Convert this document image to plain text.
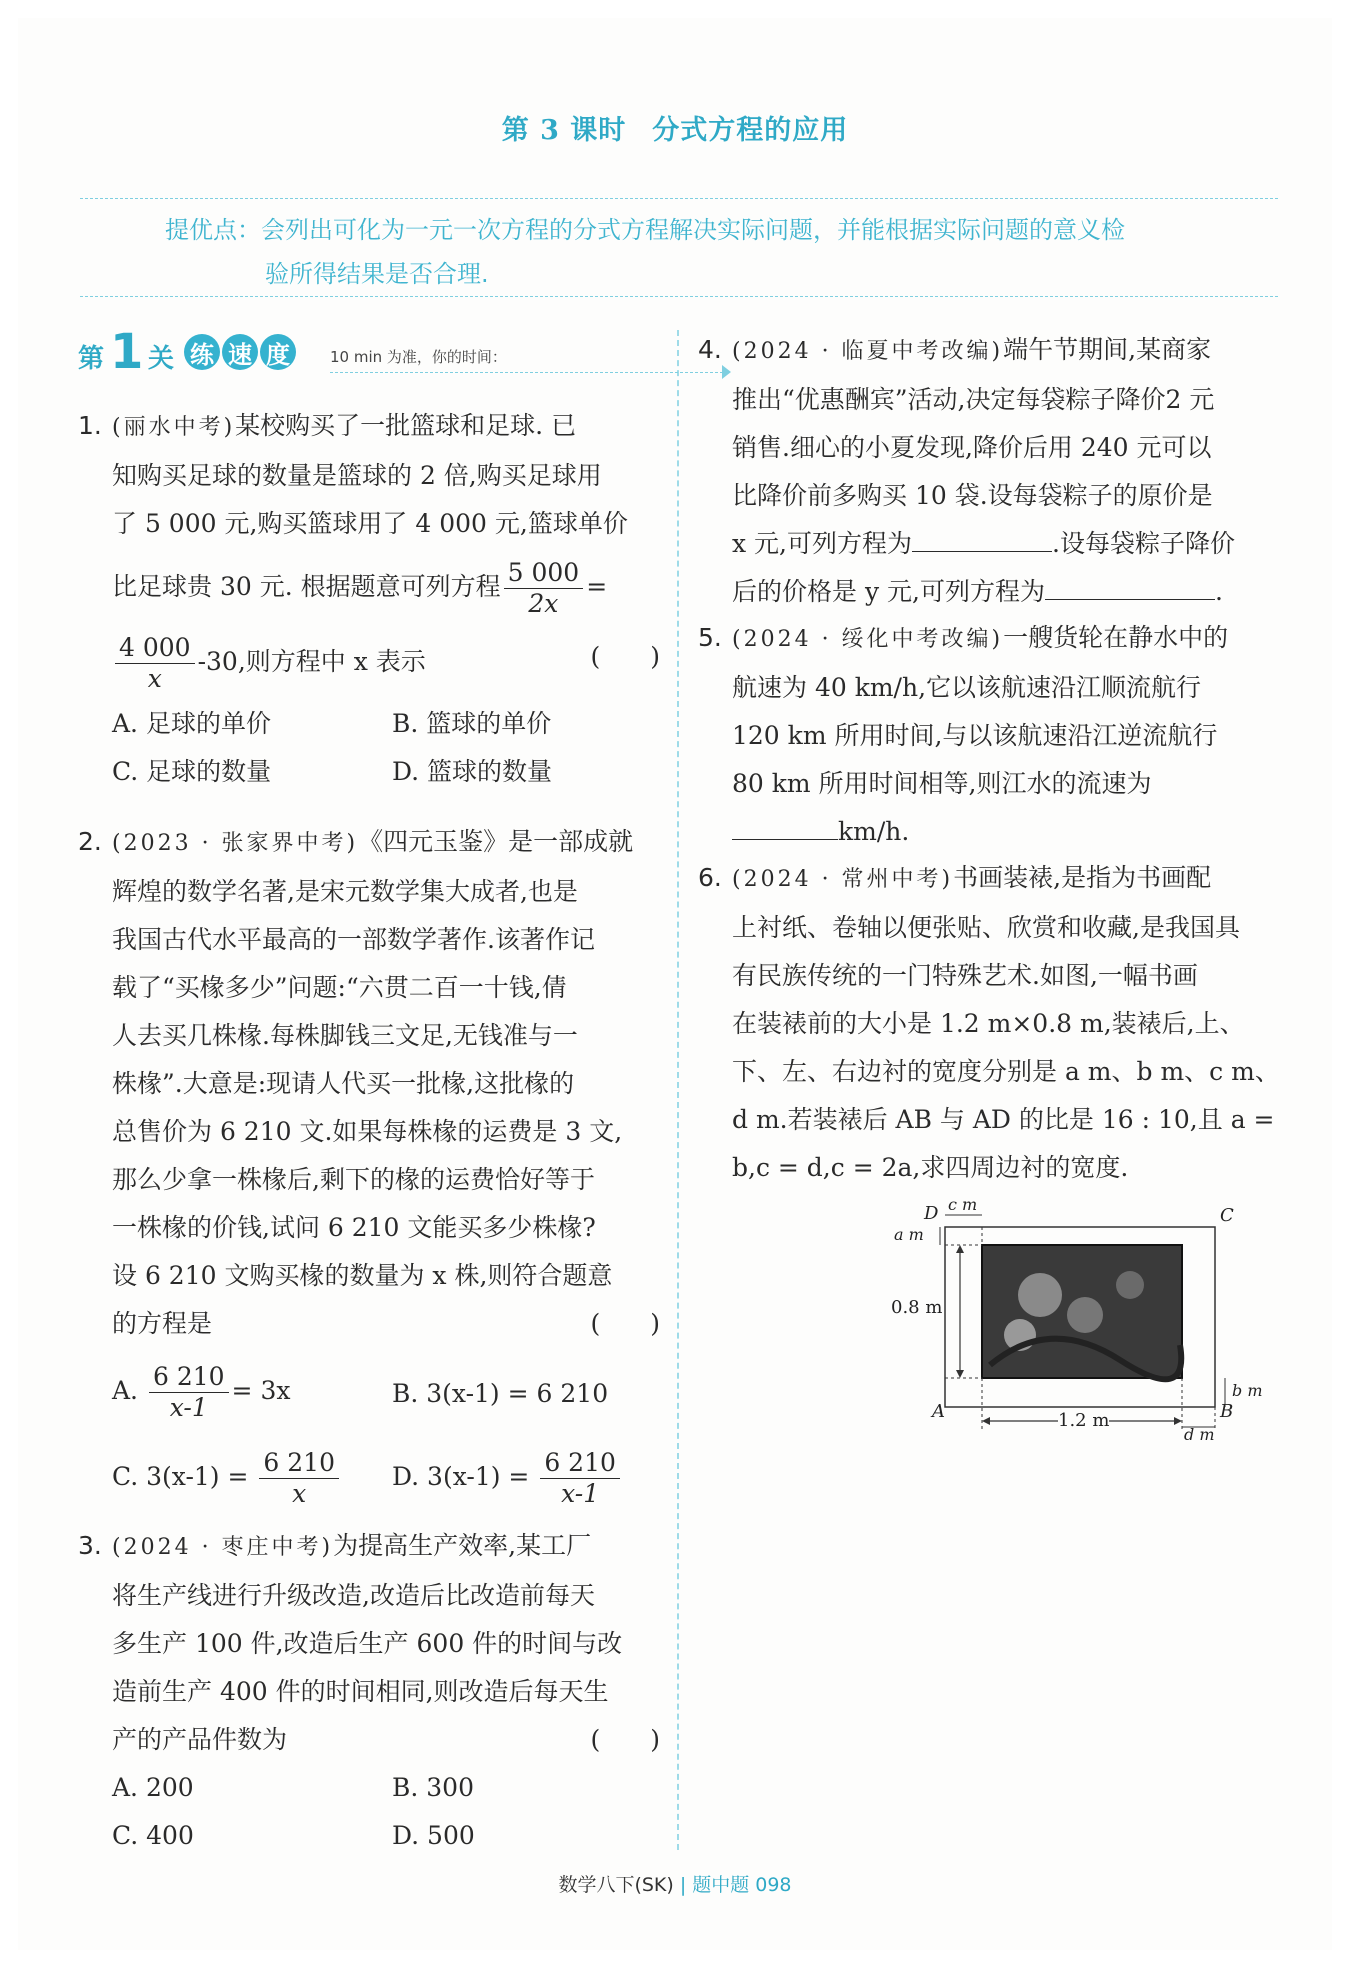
第 3 课时 分式方程的应用
提优点：会列出可化为一元一次方程的分式方程解决实际问题，并能根据实际问题的意义检
验所得结果是否合理.
第 1 关 练 速 度	10 min 为准，你的时间：
1. (丽水中考)某校购买了一批篮球和足球. 已
知购买足球的数量是篮球的 2 倍,购买足球用
了 5 000 元,购买篮球用了 4 000 元,篮球单价
比足球贵 30 元. 根据题意可列方程 $\frac{5 000}{2x}$ =
$\frac{4 000}{x} -30$,则方程中 x 表示	(　　)
A. 足球的单价	B. 篮球的单价
C. 足球的数量	D. 篮球的数量
2. (2023 · 张家界中考)《四元玉鉴》是一部成就
辉煌的数学名著,是宋元数学集大成者,也是
我国古代水平最高的一部数学著作.该著作记
载了“买椽多少”问题:“六贯二百一十钱,倩
人去买几株椽.每株脚钱三文足,无钱准与一
株椽”.大意是:现请人代买一批椽,这批椽的
总售价为 6 210 文.如果每株椽的运费是 3 文,
那么少拿一株椽后,剩下的椽的运费恰好等于
一株椽的价钱,试问 6 210 文能买多少株椽?
设 6 210 文购买椽的数量为 x 株,则符合题意
的方程是	(　　)
A. $\frac{6 210}{x-1} = 3x$	B. 3(x-1) = 6 210
C. $3(x-1) = \frac{6 210}{x} D$. $3(x-1) = \frac{6 210}{x-1}$
3. (2024 · 枣庄中考)为提高生产效率,某工厂
将生产线进行升级改造,改造后比改造前每天
多生产 100 件,改造后生产 600 件的时间与改
造前生产 400 件的时间相同,则改造后每天生
产的产品件数为	(　　)
A. 200	B. 300
C. 400	D. 500
4. (2024 · 临夏中考改编)端午节期间,某商家
推出“优惠酬宾”活动,决定每袋粽子降价2 元
销售.细心的小夏发现,降价后用 240 元可以
比降价前多购买 10 袋.设每袋粽子的原价是
x 元,可列方程为	.设每袋粽子降价
后的价格是 y 元,可列方程为	.
5. (2024 · 绥化中考改编)一艘货轮在静水中的
航速为 40 km/h,它以该航速沿江顺流航行
120 km 所用时间,与以该航速沿江逆流航行
80 km 所用时间相等,则江水的流速为
km/h.
6. (2024 · 常州中考)书画装裱,是指为书画配
上衬纸、卷轴以便张贴、欣赏和收藏,是我国具
有民族传统的一门特殊艺术.如图,一幅书画
在装裱前的大小是 1.2 m×0.8 m,装裱后,上、
下、左、右边衬的宽度分别是 a m、b m、c m、
d m.若装裱后 AB 与 AD 的比是 16 : 10,且 a =
b,c = d,c = 2a,求四周边衬的宽度.
D	C
A	B
c m
a m
0.8 m
1.2 m
b m
d m
数学八下(SK) | 题中题 098
